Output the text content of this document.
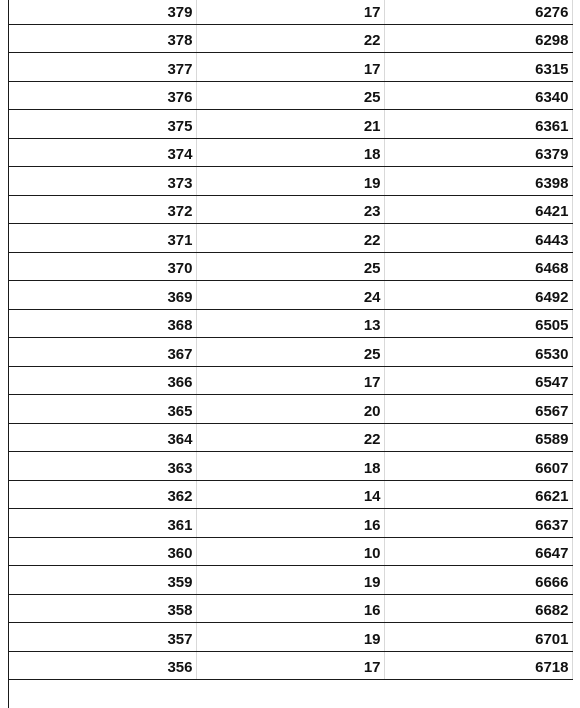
379	17	6276
378	22	6298
377	17	6315
376	25	6340
375	21	6361
374	18	6379
373	19	6398
372	23	6421
371	22	6443
370	25	6468
369	24	6492
368	13	6505
367	25	6530
366	17	6547
365	20	6567
364	22	6589
363	18	6607
362	14	6621
361	16	6637
360	10	6647
359	19	6666
358	16	6682
357	19	6701
356	17	6718
